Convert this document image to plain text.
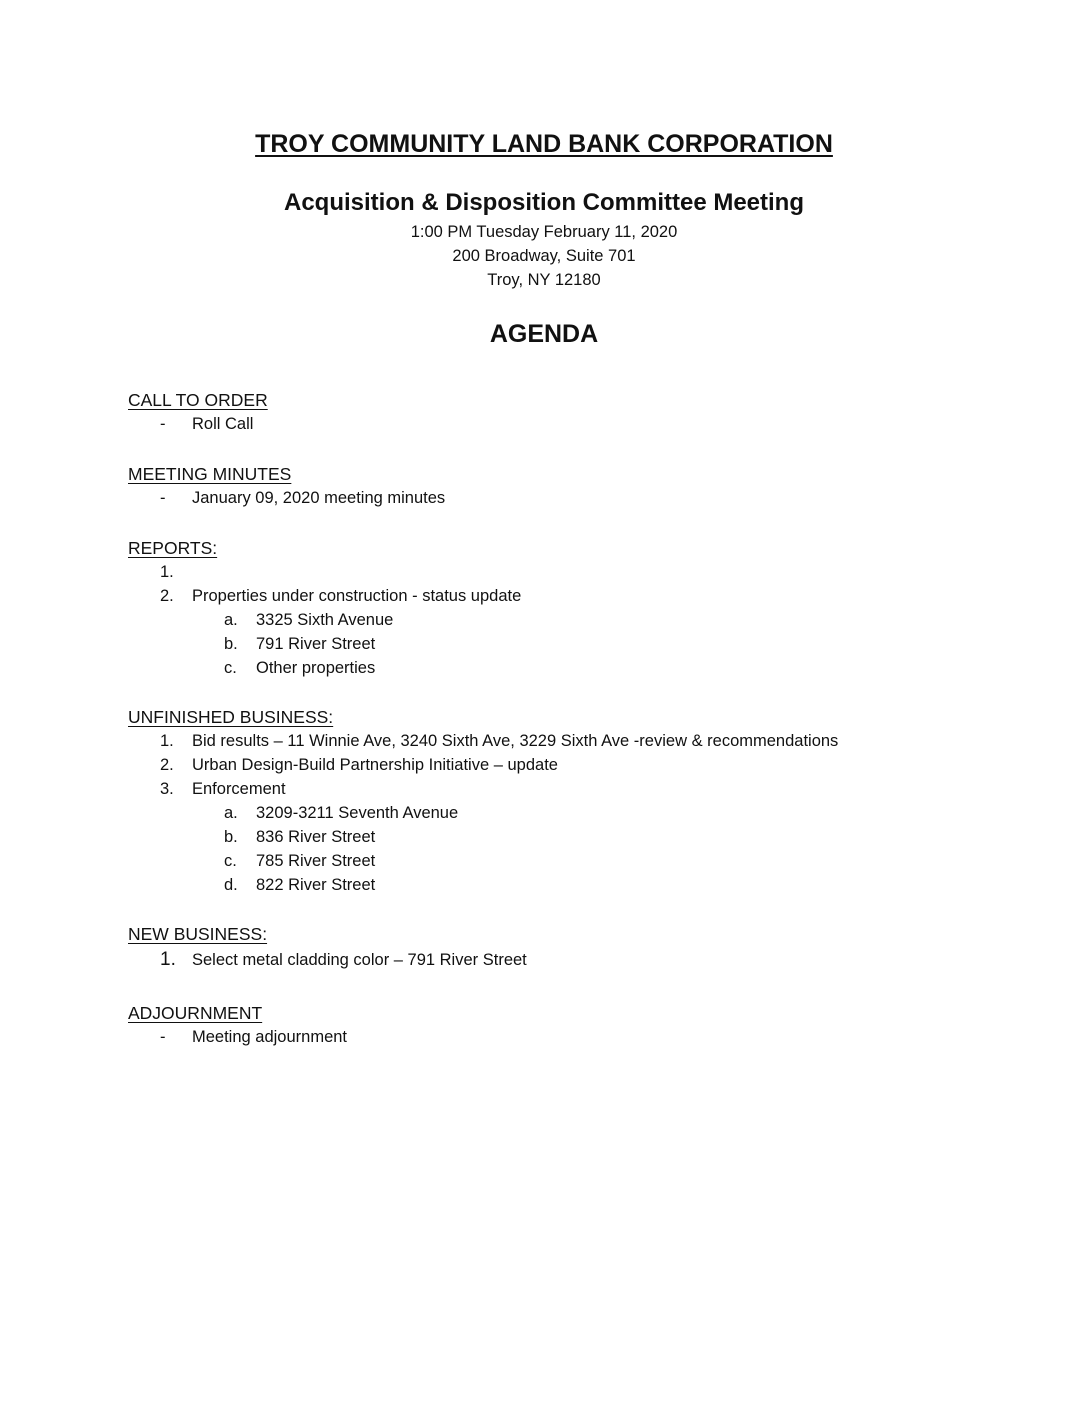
TROY COMMUNITY LAND BANK CORPORATION
Acquisition & Disposition Committee Meeting
1:00 PM Tuesday February 11, 2020
200 Broadway, Suite 701
Troy, NY 12180
AGENDA
CALL TO ORDER
- Roll Call
MEETING MINUTES
- January 09, 2020 meeting minutes
REPORTS:
1.
2. Properties under construction - status update
a. 3325 Sixth Avenue
b. 791 River Street
c. Other properties
UNFINISHED BUSINESS:
1. Bid results – 11 Winnie Ave, 3240 Sixth Ave, 3229 Sixth Ave -review & recommendations
2. Urban Design-Build Partnership Initiative – update
3. Enforcement
a. 3209-3211 Seventh Avenue
b. 836 River Street
c. 785 River Street
d. 822 River Street
NEW BUSINESS:
1. Select metal cladding color – 791 River Street
ADJOURNMENT
- Meeting adjournment
